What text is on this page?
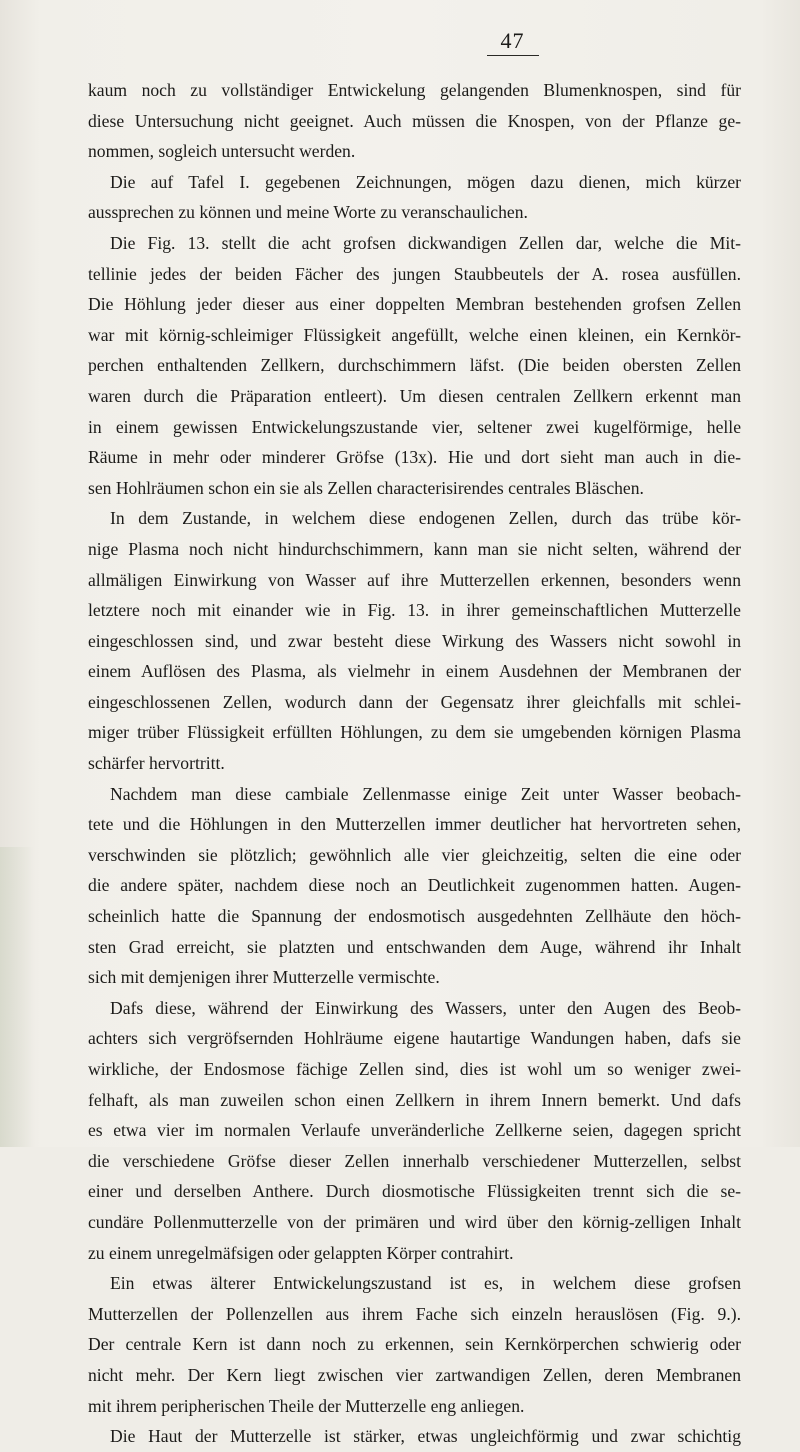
47
kaum noch zu vollständiger Entwickelung gelangenden Blumenknospen, sind für
diese Untersuchung nicht geeignet. Auch müssen die Knospen, von der Pflanze ge-
nommen, sogleich untersucht werden.
Die auf Tafel I. gegebenen Zeichnungen, mögen dazu dienen, mich kürzer
aussprechen zu können und meine Worte zu veranschaulichen.
Die Fig. 13. stellt die acht grofsen dickwandigen Zellen dar, welche die Mit-
tellinie jedes der beiden Fächer des jungen Staubbeutels der A. rosea ausfüllen.
Die Höhlung jeder dieser aus einer doppelten Membran bestehenden grofsen Zellen
war mit körnig-schleimiger Flüssigkeit angefüllt, welche einen kleinen, ein Kernkör-
perchen enthaltenden Zellkern, durchschimmern läfst. (Die beiden obersten Zellen
waren durch die Präparation entleert). Um diesen centralen Zellkern erkennt man
in einem gewissen Entwickelungszustande vier, seltener zwei kugelförmige, helle
Räume in mehr oder minderer Gröfse (13x). Hie und dort sieht man auch in die-
sen Hohlräumen schon ein sie als Zellen characterisirendes centrales Bläschen.
In dem Zustande, in welchem diese endogenen Zellen, durch das trübe kör-
nige Plasma noch nicht hindurchschimmern, kann man sie nicht selten, während der
allmäligen Einwirkung von Wasser auf ihre Mutterzellen erkennen, besonders wenn
letztere noch mit einander wie in Fig. 13. in ihrer gemeinschaftlichen Mutterzelle
eingeschlossen sind, und zwar besteht diese Wirkung des Wassers nicht sowohl in
einem Auflösen des Plasma, als vielmehr in einem Ausdehnen der Membranen der
eingeschlossenen Zellen, wodurch dann der Gegensatz ihrer gleichfalls mit schlei-
miger trüber Flüssigkeit erfüllten Höhlungen, zu dem sie umgebenden körnigen Plasma
schärfer hervortritt.
Nachdem man diese cambiale Zellenmasse einige Zeit unter Wasser beobach-
tete und die Höhlungen in den Mutterzellen immer deutlicher hat hervortreten sehen,
verschwinden sie plötzlich; gewöhnlich alle vier gleichzeitig, selten die eine oder
die andere später, nachdem diese noch an Deutlichkeit zugenommen hatten. Augen-
scheinlich hatte die Spannung der endosmotisch ausgedehnten Zellhäute den höch-
sten Grad erreicht, sie platzten und entschwanden dem Auge, während ihr Inhalt
sich mit demjenigen ihrer Mutterzelle vermischte.
Dafs diese, während der Einwirkung des Wassers, unter den Augen des Beob-
achters sich vergröfsernden Hohlräume eigene hautartige Wandungen haben, dafs sie
wirkliche, der Endosmose fächige Zellen sind, dies ist wohl um so weniger zwei-
felhaft, als man zuweilen schon einen Zellkern in ihrem Innern bemerkt. Und dafs
es etwa vier im normalen Verlaufe unveränderliche Zellkerne seien, dagegen spricht
die verschiedene Gröfse dieser Zellen innerhalb verschiedener Mutterzellen, selbst
einer und derselben Anthere. Durch diosmotische Flüssigkeiten trennt sich die se-
cundäre Pollenmutterzelle von der primären und wird über den körnig-zelligen Inhalt
zu einem unregelmäfsigen oder gelappten Körper contrahirt.
Ein etwas älterer Entwickelungszustand ist es, in welchem diese grofsen
Mutterzellen der Pollenzellen aus ihrem Fache sich einzeln herauslösen (Fig. 9.).
Der centrale Kern ist dann noch zu erkennen, sein Kernkörperchen schwierig oder
nicht mehr. Der Kern liegt zwischen vier zartwandigen Zellen, deren Membranen
mit ihrem peripherischen Theile der Mutterzelle eng anliegen.
Die Haut der Mutterzelle ist stärker, etwas ungleichförmig und zwar schichtig
